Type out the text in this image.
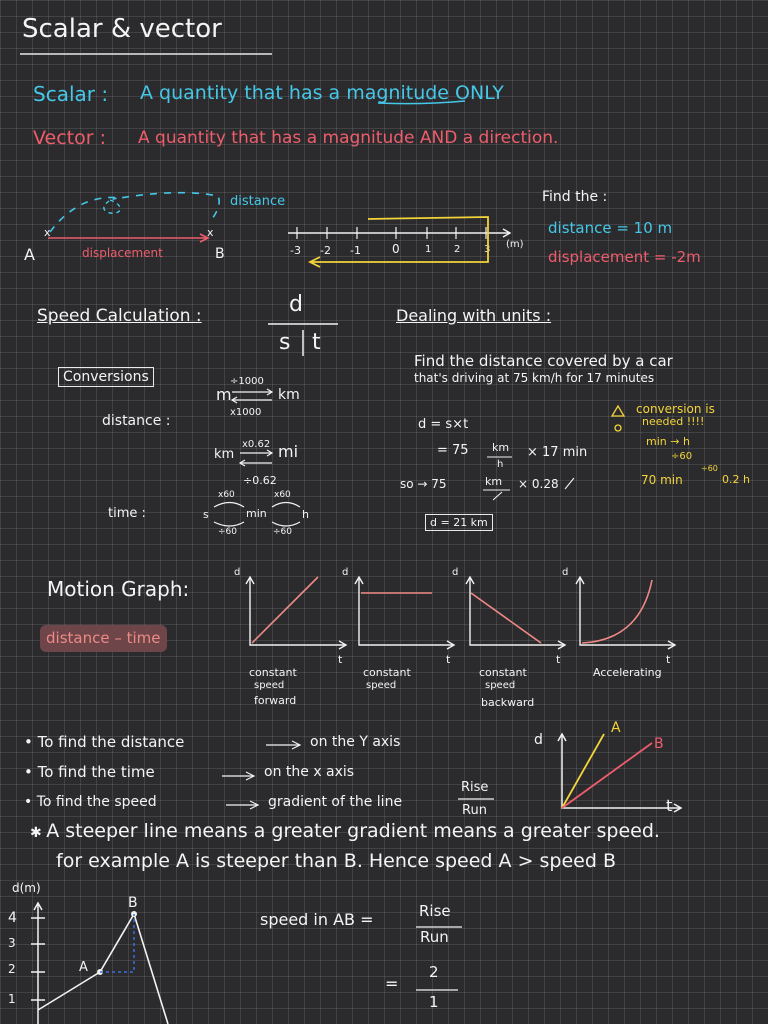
Scalar & vector
Scalar : A quantity that has a magnitude ONLY
Vector : A quantity that has a magnitude AND a direction.
A	B
distance
displacement	-3 -2 -1	0	1 2 3 (m)
Find the :
distance = 10 m
displacement = -2m
Speed Calculation :	d
s t
Conversions
distance :
time :
÷1000
m	km
x1000
x0.62
km	mi
÷0.62
x60	x60
s	min	h
÷60	÷60
Dealing with units :
Find the distance covered by a car
that's driving at 75 km/h for 17 minutes
d = s×t
= 75 km
h
× 17 min
so → 75	km × 0.28
d = 21 km
conversion is
needed !!!!
min → h
÷60
70 min
÷60
0.2 h
Motion Graph:
distance – time
d
t
d
t
d
t
d
t
constant
speed
forward
constant
speed
constant
speed
backward
Accelerating
• To find the distance	on the Y axis
• To find the time	on the x axis
• To find the speed	gradient of the line
Rise
Run
✱ A steeper line means a greater gradient means a greater speed.
for example A is steeper than B. Hence speed A > speed B
d
t
A
B
d(m)
4
3
2
1
A
B
speed in AB =	Rise
Run
=
2
1
x	x
